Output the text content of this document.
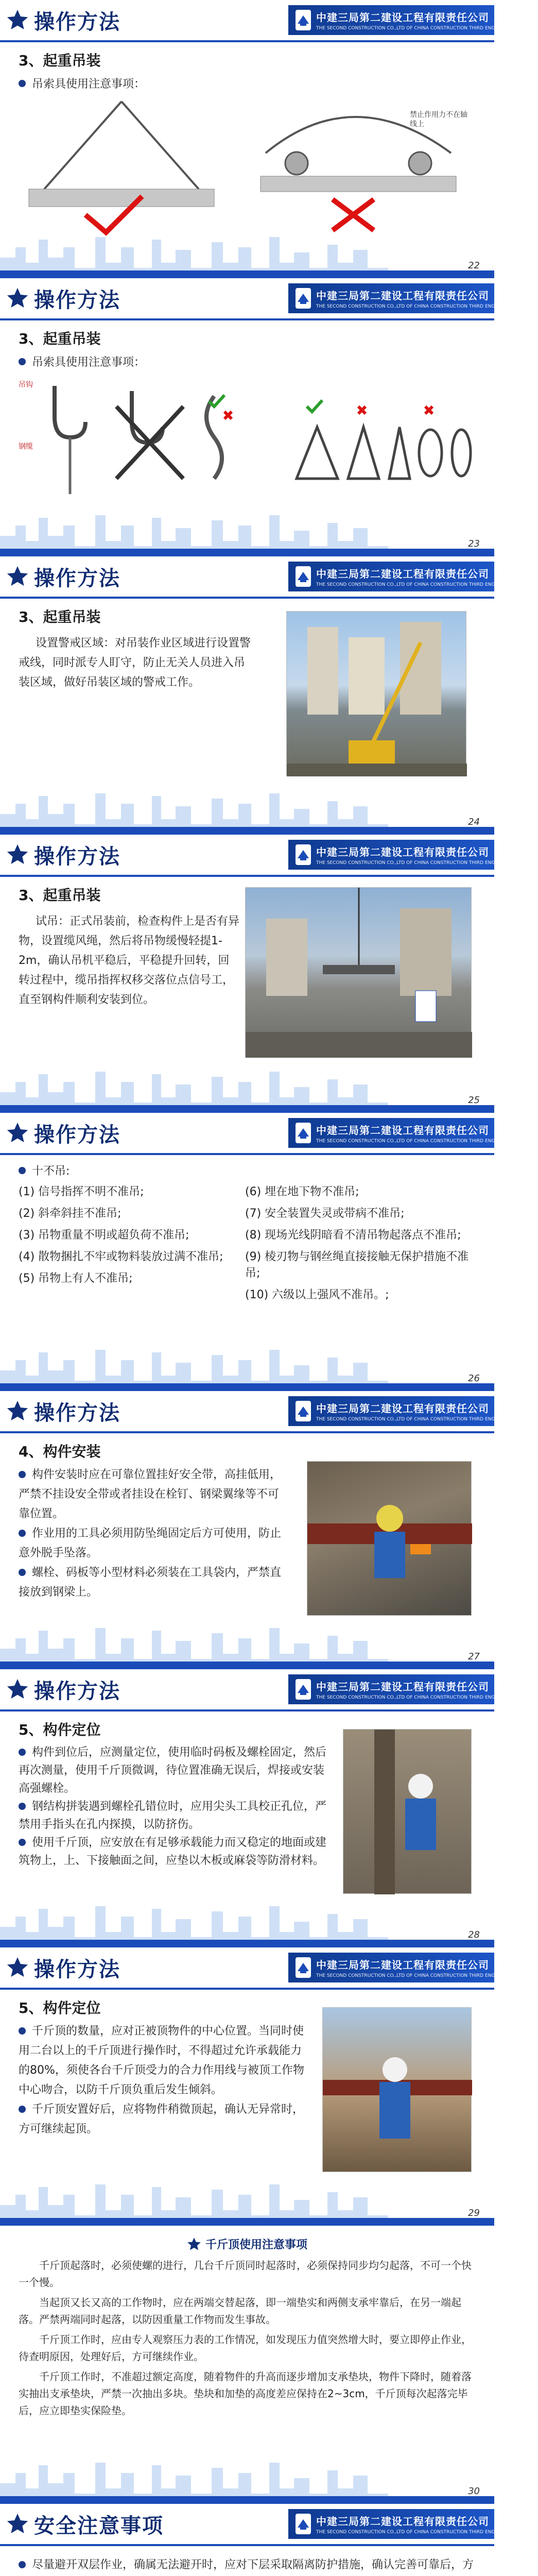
操作方法	中建三局第二建设工程有限责任公司
THE SECOND CONSTRUCTION CO.,LTD OF CHINA CONSTRUCTION THIRD ENGINEERING BUREAU
3、起重吊装
吊索具使用注意事项：
禁止作用力不在轴线上
22
操作方法	中建三局第二建设工程有限责任公司
THE SECOND CONSTRUCTION CO.,LTD OF CHINA CONSTRUCTION THIRD ENGINEERING BUREAU
3、起重吊装
吊索具使用注意事项：
吊钩
钢缆
23
操作方法	中建三局第二建设工程有限责任公司
THE SECOND CONSTRUCTION CO.,LTD OF CHINA CONSTRUCTION THIRD ENGINEERING BUREAU
3、起重吊装
设置警戒区域：对吊装作业区域进行设置警戒线，同时派专人盯守，防止无关人员进入吊装区域，做好吊装区域的警戒工作。
24
操作方法	中建三局第二建设工程有限责任公司
THE SECOND CONSTRUCTION CO.,LTD OF CHINA CONSTRUCTION THIRD ENGINEERING BUREAU
3、起重吊装
试吊：正式吊装前，检查构件上是否有异物，设置缆风绳，然后将吊物缓慢轻提1-2m，确认吊机平稳后，平稳提升回转，回转过程中，缆吊指挥权移交落位点信号工，直至钢构件顺利安装到位。
25
操作方法	中建三局第二建设工程有限责任公司
THE SECOND CONSTRUCTION CO.,LTD OF CHINA CONSTRUCTION THIRD ENGINEERING BUREAU
十不吊:
(1) 信号指挥不明不准吊;
(2) 斜牵斜挂不准吊;
(3) 吊物重量不明或超负荷不准吊;
(4) 散物捆扎不牢或物料装放过满不准吊;
(5) 吊物上有人不准吊;
(6) 埋在地下物不准吊;
(7) 安全装置失灵或带病不准吊;
(8) 现场光线阴暗看不清吊物起落点不准吊;
(9) 棱刃物与钢丝绳直接接触无保护措施不准吊;
(10) 六级以上强风不准吊。;
26
操作方法	中建三局第二建设工程有限责任公司
THE SECOND CONSTRUCTION CO.,LTD OF CHINA CONSTRUCTION THIRD ENGINEERING BUREAU
4、构件安装
构件安装时应在可靠位置挂好安全带，高挂低用，严禁不挂设安全带或者挂设在栓钉、钢梁翼缘等不可靠位置。
作业用的工具必须用防坠绳固定后方可使用，防止意外脱手坠落。
螺栓、码板等小型材料必须装在工具袋内，严禁直接放到钢梁上。
27
操作方法	中建三局第二建设工程有限责任公司
THE SECOND CONSTRUCTION CO.,LTD OF CHINA CONSTRUCTION THIRD ENGINEERING BUREAU
5、构件定位
构件到位后，应测量定位，使用临时码板及螺栓固定，然后再次测量，使用千斤顶微调，待位置准确无误后，焊接或安装高强螺栓。
钢结构拼装遇到螺栓孔错位时，应用尖头工具校正孔位，严禁用手指头在孔内探摸，以防挤伤。
使用千斤顶，应安放在有足够承载能力而又稳定的地面或建筑物上，上、下接触面之间，应垫以木板或麻袋等防滑材料。
28
操作方法	中建三局第二建设工程有限责任公司
THE SECOND CONSTRUCTION CO.,LTD OF CHINA CONSTRUCTION THIRD ENGINEERING BUREAU
5、构件定位
千斤顶的数量，应对正被顶物件的中心位置。当同时使用二台以上的千斤顶进行操作时，不得超过允许承载能力的80%，须使各台千斤顶受力的合力作用线与被顶工作物中心吻合，以防千斤顶负重后发生倾斜。
千斤顶安置好后，应将物件稍微顶起，确认无异常时，方可继续起顶。
29
千斤顶使用注意事项
千斤顶起落时，必须使螺的进行，几台千斤顶同时起落时，必须保持同步均匀起落，不可一个快一个慢。
当起顶又长又高的工作物时，应在两端交替起落，即一端垫实和两侧支承牢靠后，在另一端起落。严禁两端同时起落，以防因重量工作物而发生事故。
千斤顶工作时，应由专人观察压力表的工作情况，如发现压力值突然增大时，要立即停止作业，待查明原因，处理好后，方可继续作业。
千斤顶工作时，不准超过额定高度，随着物件的升高而逐步增加支承垫块，物件下降时，随着落实抽出支承垫块，严禁一次抽出多块。垫块和加垫的高度差应保持在2~3cm，千斤顶每次起落完毕后，应立即垫实保险垫。
30
安全注意事项	中建三局第二建设工程有限责任公司
THE SECOND CONSTRUCTION CO.,LTD OF CHINA CONSTRUCTION THIRD ENGINEERING BUREAU
尽量避开双层作业，确属无法避开时，应对下层采取隔离防护措施，确认完善可靠后，方
